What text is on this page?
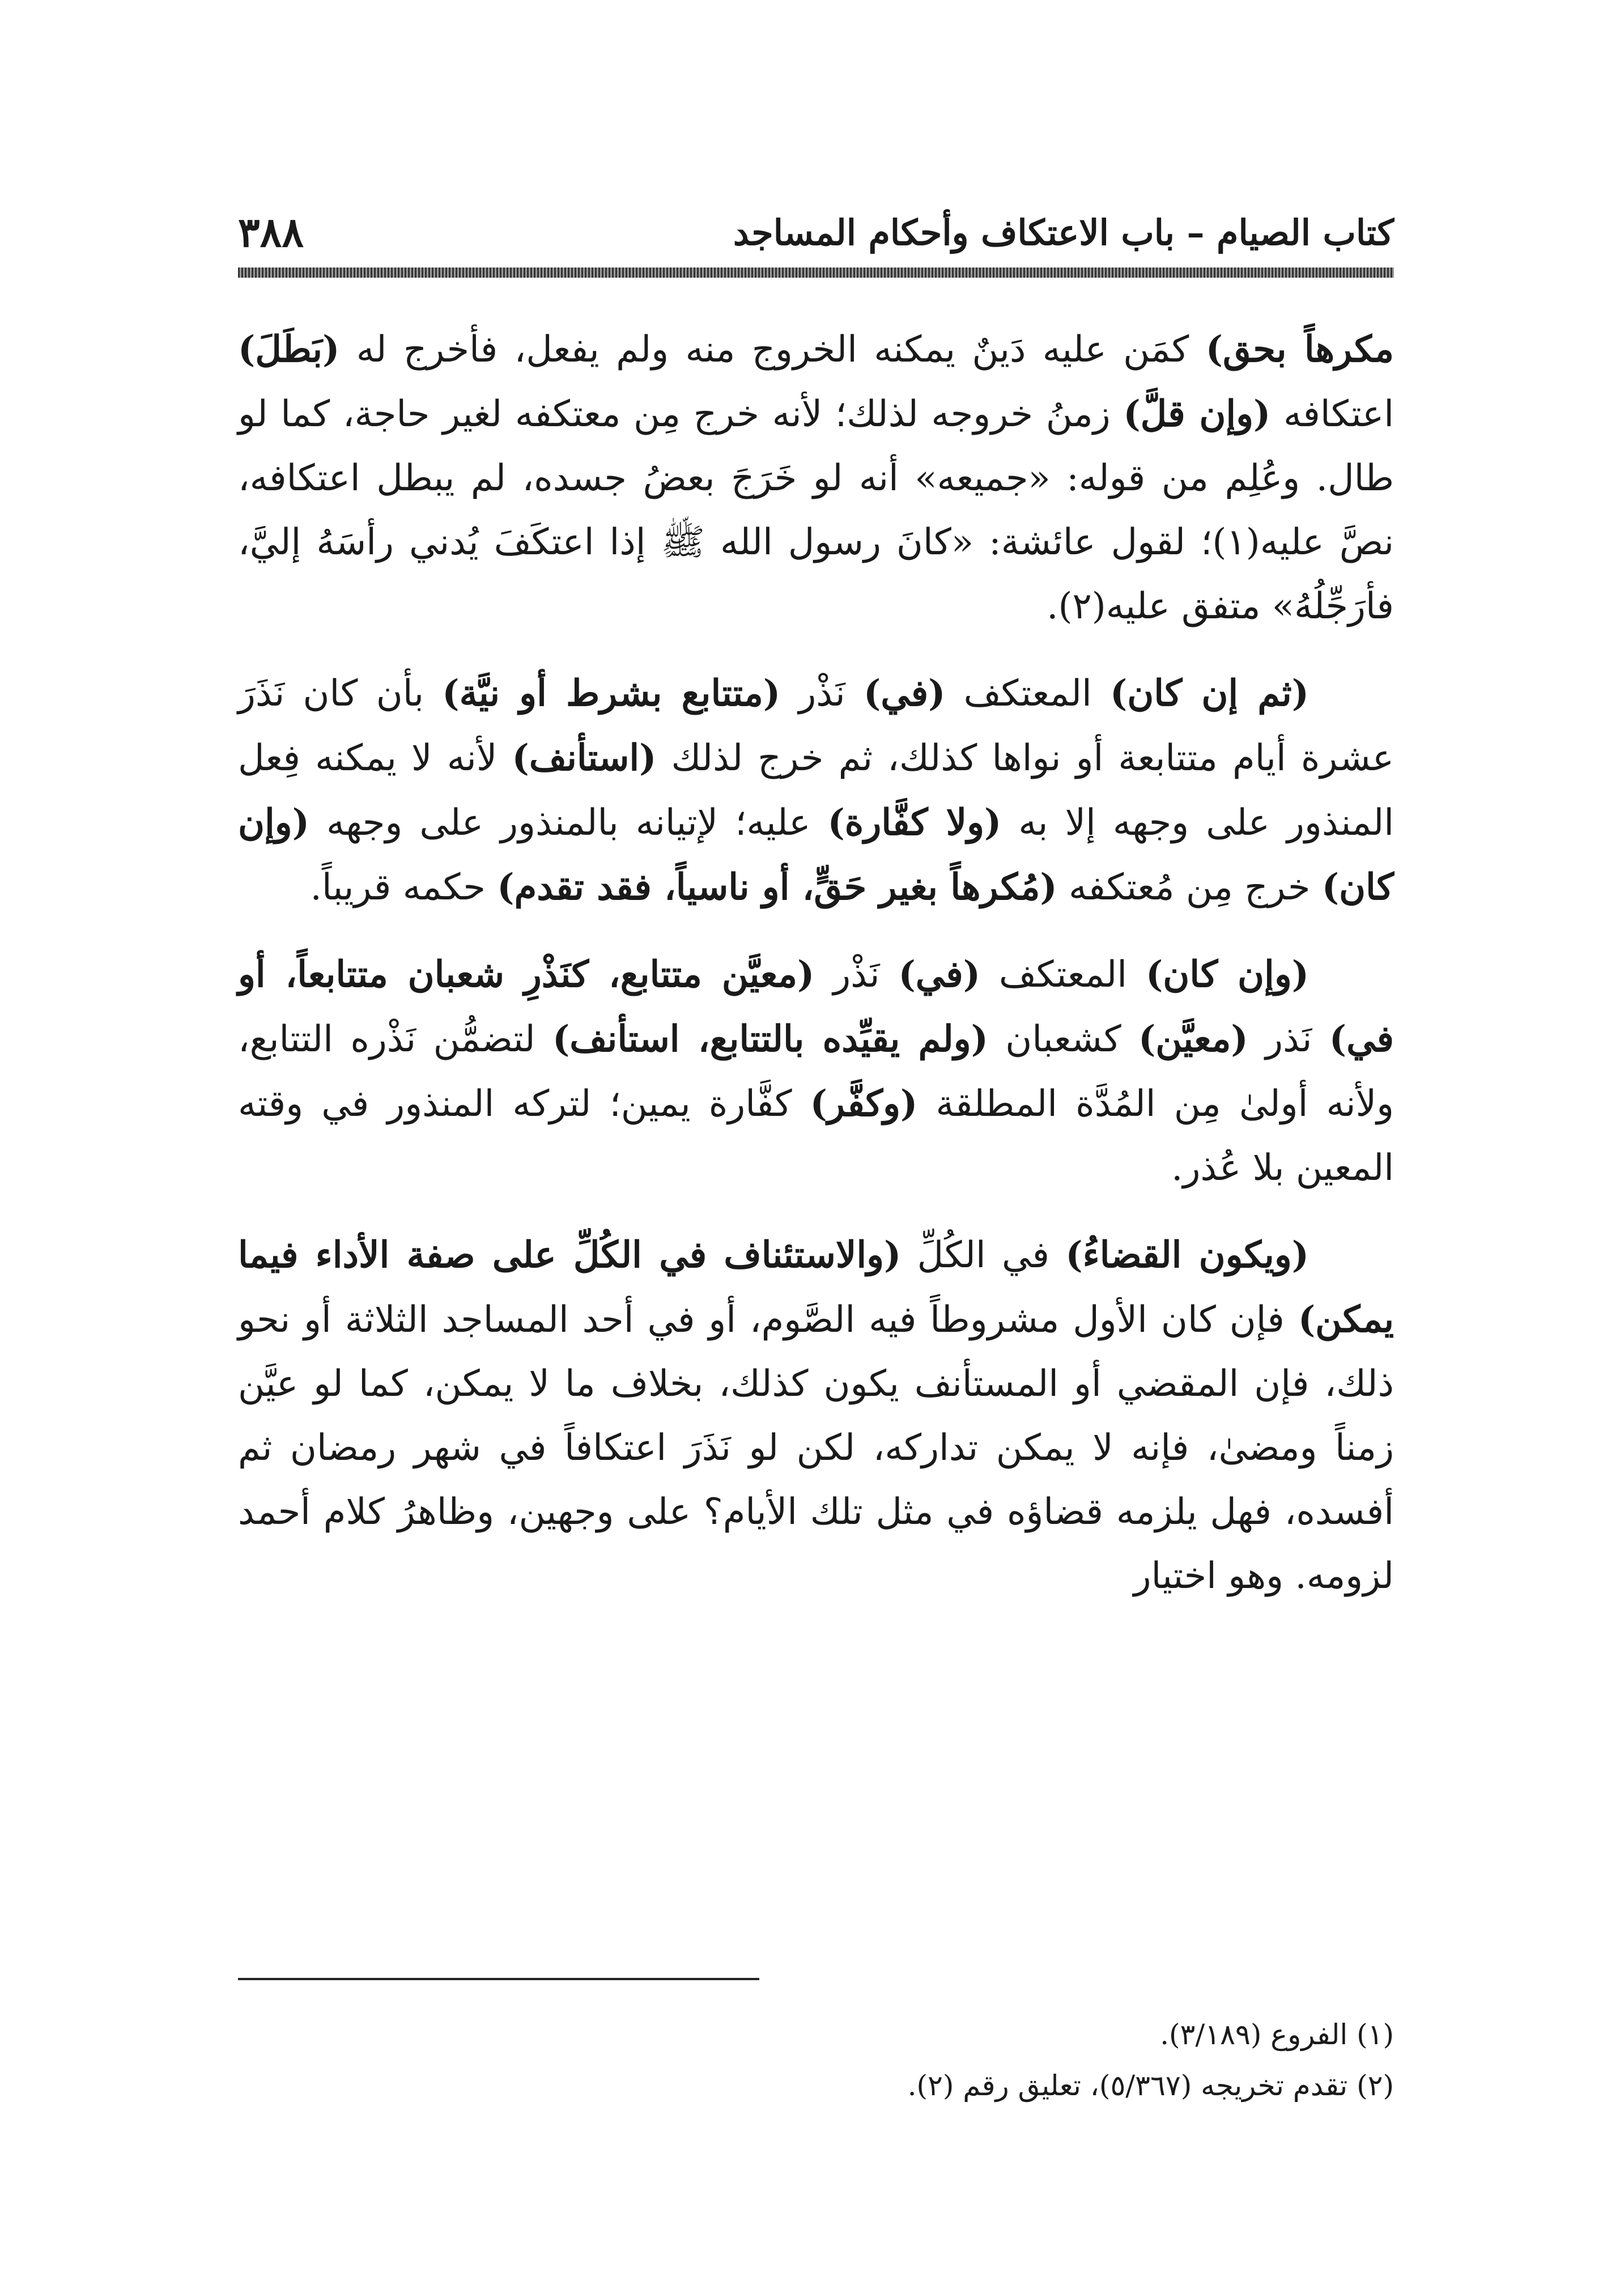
كتاب الصيام – باب الاعتكاف وأحكام المساجد
٣٨٨

مكرهاً بحق) كمَن عليه دَينٌ يمكنه الخروج منه ولم يفعل، فأخرج له (بَطَلَ) اعتكافه (وإن قلَّ) زمنُ خروجه لذلك؛ لأنه خرج مِن معتكفه لغير حاجة، كما لو طال. وعُلِم من قوله: «جميعه» أنه لو خَرَجَ بعضُ جسده، لم يبطل اعتكافه، نصَّ عليه(١)؛ لقول عائشة: «كانَ رسول الله ﷺ إذا اعتكَفَ يُدني رأسَهُ إليَّ، فأرَجِّلُهُ» متفق عليه(٢).

(ثم إن كان) المعتكف (في) نَذْر (متتابع بشرط أو نيَّة) بأن كان نَذَرَ عشرة أيام متتابعة أو نواها كذلك، ثم خرج لذلك (استأنف) لأنه لا يمكنه فِعل المنذور على وجهه إلا به (ولا كفَّارة) عليه؛ لإتيانه بالمنذور على وجهه (وإن كان) خرج مِن مُعتكفه (مُكرهاً بغير حَقٍّ، أو ناسياً، فقد تقدم) حكمه قريباً.

(وإن كان) المعتكف (في) نَذْر (معيَّن متتابع، كنَذْرِ شعبان متتابعاً، أو في) نَذر (معيَّن) كشعبان (ولم يقيِّده بالتتابع، استأنف) لتضمُّن نَذْره التتابع، ولأنه أولىٰ مِن المُدَّة المطلقة (وكفَّر) كفَّارة يمين؛ لتركه المنذور في وقته المعين بلا عُذر.

(ويكون القضاءُ) في الكُلِّ (والاستئناف في الكُلِّ على صفة الأداء فيما يمكن) فإن كان الأول مشروطاً فيه الصَّوم، أو في أحد المساجد الثلاثة أو نحو ذلك، فإن المقضي أو المستأنف يكون كذلك، بخلاف ما لا يمكن، كما لو عيَّن زمناً ومضىٰ، فإنه لا يمكن تداركه، لكن لو نَذَرَ اعتكافاً في شهر رمضان ثم أفسده، فهل يلزمه قضاؤه في مثل تلك الأيام؟ على وجهين، وظاهرُ كلام أحمد لزومه. وهو اختيار

(١) الفروع (٣/١٨٩).

(٢) تقدم تخريجه (٥/٣٦٧)، تعليق رقم (٢).
